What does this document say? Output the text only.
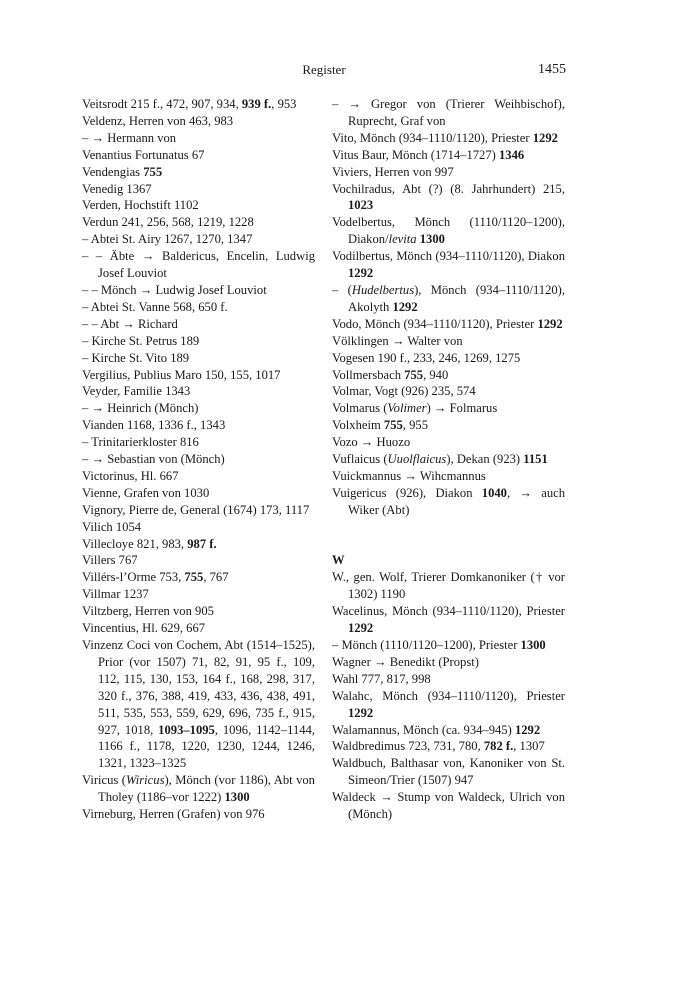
Register	1455
Veitsrodt 215 f., 472, 907, 934, 939 f., 953
Veldenz, Herren von 463, 983
– → Hermann von
Venantius Fortunatus 67
Vendengias 755
Venedig 1367
Verden, Hochstift 1102
Verdun 241, 256, 568, 1219, 1228
– Abtei St. Airy 1267, 1270, 1347
– – Äbte → Baldericus, Encelin, Ludwig Josef Louviot
– – Mönch → Ludwig Josef Louviot
– Abtei St. Vanne 568, 650 f.
– – Abt → Richard
– Kirche St. Petrus 189
– Kirche St. Vito 189
Vergilius, Publius Maro 150, 155, 1017
Veyder, Familie 1343
– → Heinrich (Mönch)
Vianden 1168, 1336 f., 1343
– Trinitarierkloster 816
– → Sebastian von (Mönch)
Victorinus, Hl. 667
Vienne, Grafen von 1030
Vignory, Pierre de, General (1674) 173, 1117
Vilich 1054
Villecloye 821, 983, 987 f.
Villers 767
Villérs-l’Orme 753, 755, 767
Villmar 1237
Viltzberg, Herren von 905
Vincentius, Hl. 629, 667
Vinzenz Coci von Cochem, Abt (1514–1525), Prior (vor 1507) 71, 82, 91, 95 f., 109, 112, 115, 130, 153, 164 f., 168, 298, 317, 320 f., 376, 388, 419, 433, 436, 438, 491, 511, 535, 553, 559, 629, 696, 735 f., 915, 927, 1018, 1093–1095, 1096, 1142–1144, 1166 f., 1178, 1220, 1230, 1244, 1246, 1321, 1323–1325
Viricus (Wiricus), Mönch (vor 1186), Abt von Tholey (1186–vor 1222) 1300
Virneburg, Herren (Grafen) von 976
– → Gregor von (Trierer Weihbischof), Ruprecht, Graf von
Vito, Mönch (934–1110/1120), Priester 1292
Vitus Baur, Mönch (1714–1727) 1346
Viviers, Herren von 997
Vochilradus, Abt (?) (8. Jahrhundert) 215, 1023
Vodelbertus, Mönch (1110/1120–1200), Diakon/levita 1300
Vodilbertus, Mönch (934–1110/1120), Diakon 1292
– (Hudelbertus), Mönch (934–1110/1120), Akolyth 1292
Vodo, Mönch (934–1110/1120), Priester 1292
Völklingen → Walter von
Vogesen 190 f., 233, 246, 1269, 1275
Vollmersbach 755, 940
Volmar, Vogt (926) 235, 574
Volmarus (Volimer) → Folmarus
Volxheim 755, 955
Vozo → Huozo
Vuflaicus (Uuolflaicus), Dekan (923) 1151
Vuickmannus → Wihcmannus
Vuigericus (926), Diakon 1040, → auch Wiker (Abt)
W
W., gen. Wolf, Trierer Domkanoniker († vor 1302) 1190
Wacelinus, Mönch (934–1110/1120), Priester 1292
– Mönch (1110/1120–1200), Priester 1300
Wagner → Benedikt (Propst)
Wahl 777, 817, 998
Walahc, Mönch (934–1110/1120), Priester 1292
Walamannus, Mönch (ca. 934–945) 1292
Waldbredimus 723, 731, 780, 782 f., 1307
Waldbuch, Balthasar von, Kanoniker von St. Simeon/Trier (1507) 947
Waldeck → Stump von Waldeck, Ulrich von (Mönch)
